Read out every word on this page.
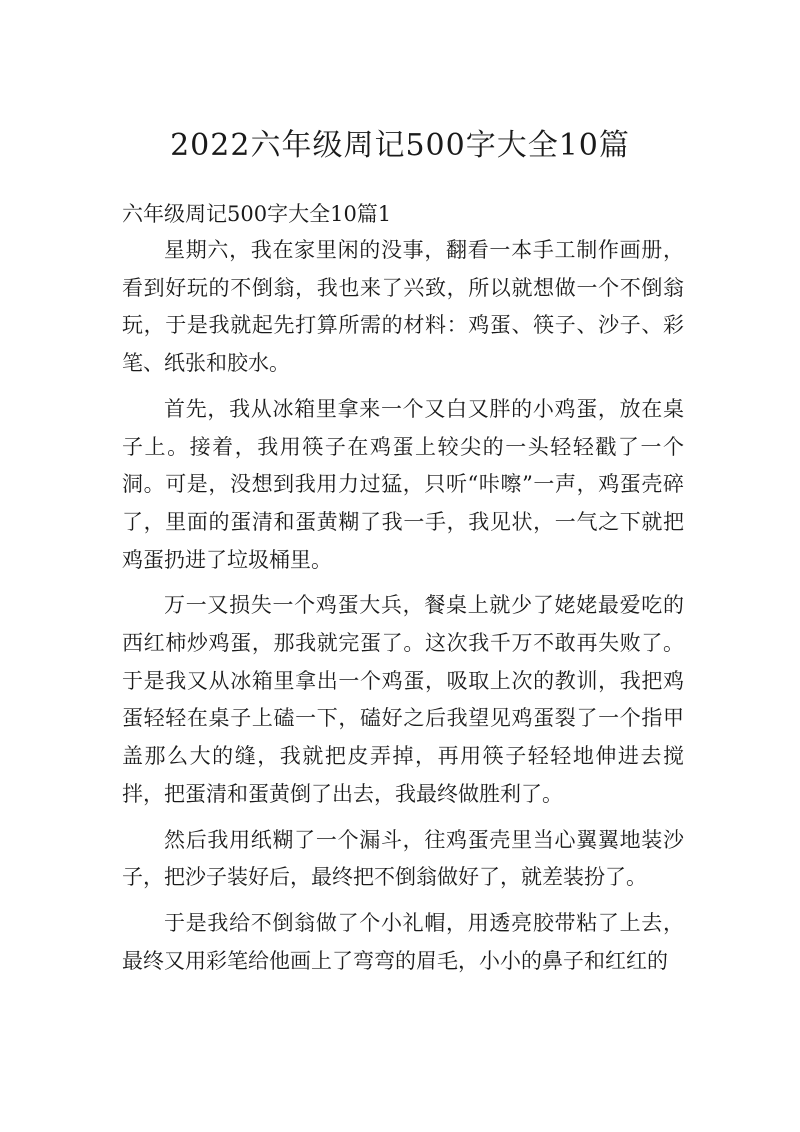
2022六年级周记500字大全10篇
六年级周记500字大全10篇1

星期六，我在家里闲的没事，翻看一本手工制作画册，看到好玩的不倒翁，我也来了兴致，所以就想做一个不倒翁玩，于是我就起先打算所需的材料：鸡蛋、筷子、沙子、彩笔、纸张和胶水。

首先，我从冰箱里拿来一个又白又胖的小鸡蛋，放在桌子上。接着，我用筷子在鸡蛋上较尖的一头轻轻戳了一个洞。可是，没想到我用力过猛，只听“咔嚓”一声，鸡蛋壳碎了，里面的蛋清和蛋黄糊了我一手，我见状，一气之下就把鸡蛋扔进了垃圾桶里。

万一又损失一个鸡蛋大兵，餐桌上就少了姥姥最爱吃的西红柿炒鸡蛋，那我就完蛋了。这次我千万不敢再失败了。于是我又从冰箱里拿出一个鸡蛋，吸取上次的教训，我把鸡蛋轻轻在桌子上磕一下，磕好之后我望见鸡蛋裂了一个指甲盖那么大的缝，我就把皮弄掉，再用筷子轻轻地伸进去搅拌，把蛋清和蛋黄倒了出去，我最终做胜利了。

然后我用纸糊了一个漏斗，往鸡蛋壳里当心翼翼地装沙子，把沙子装好后，最终把不倒翁做好了，就差装扮了。

于是我给不倒翁做了个小礼帽，用透亮胶带粘了上去，最终又用彩笔给他画上了弯弯的眉毛，小小的鼻子和红红的
